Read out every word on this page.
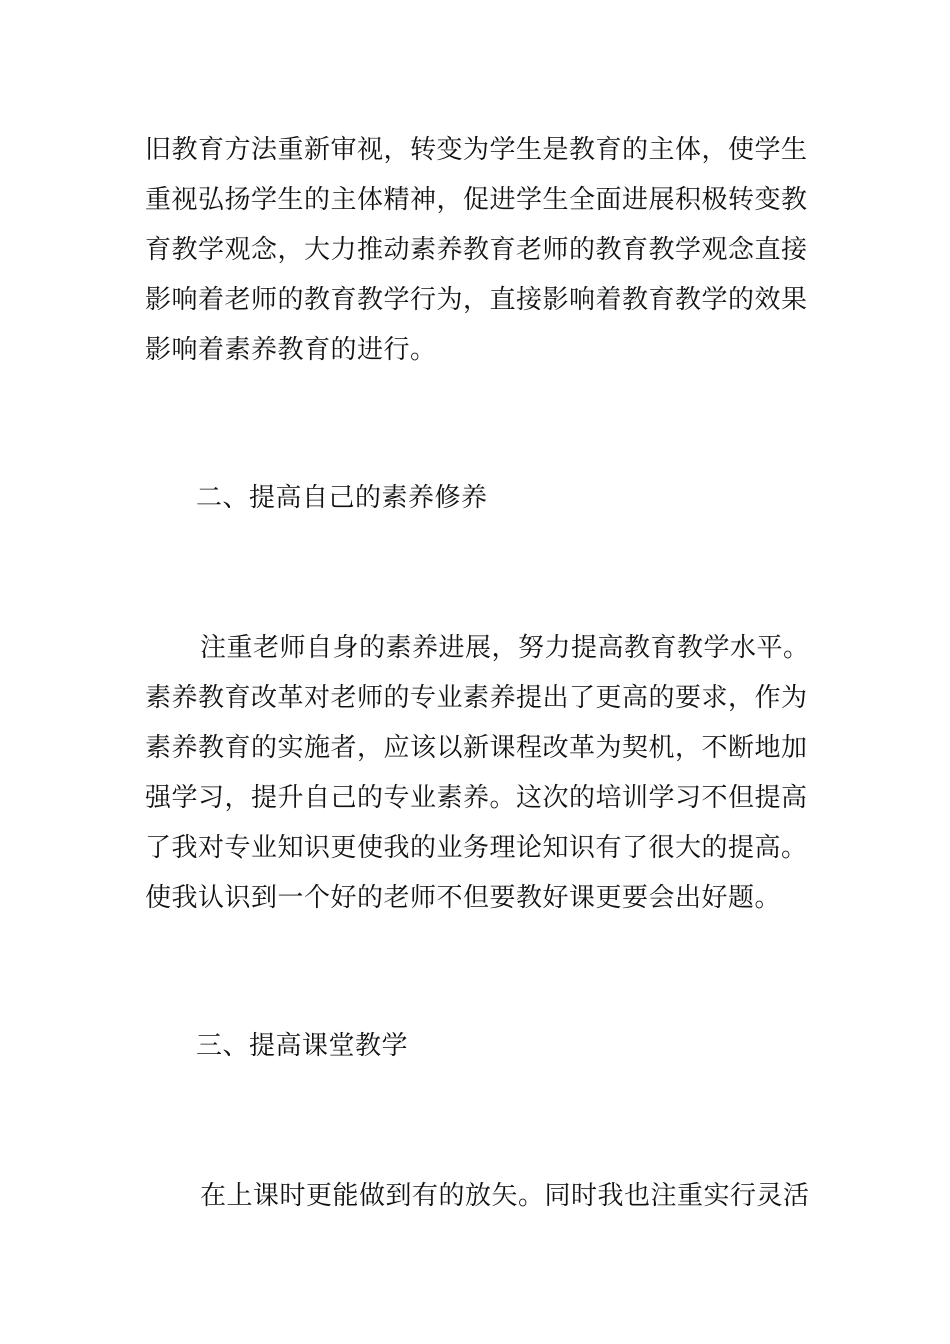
旧教育方法重新审视，转变为学生是教育的主体，使学生
重视弘扬学生的主体精神，促进学生全面进展积极转变教
育教学观念，大力推动素养教育老师的教育教学观念直接
影响着老师的教育教学行为，直接影响着教育教学的效果
影响着素养教育的进行。
二、提高自己的素养修养
注重老师自身的素养进展，努力提高教育教学水平。
素养教育改革对老师的专业素养提出了更高的要求，作为
素养教育的实施者，应该以新课程改革为契机，不断地加
强学习，提升自己的专业素养。这次的培训学习不但提高
了我对专业知识更使我的业务理论知识有了很大的提高。
使我认识到一个好的老师不但要教好课更要会出好题。
三、提高课堂教学
在上课时更能做到有的放矢。同时我也注重实行灵活
